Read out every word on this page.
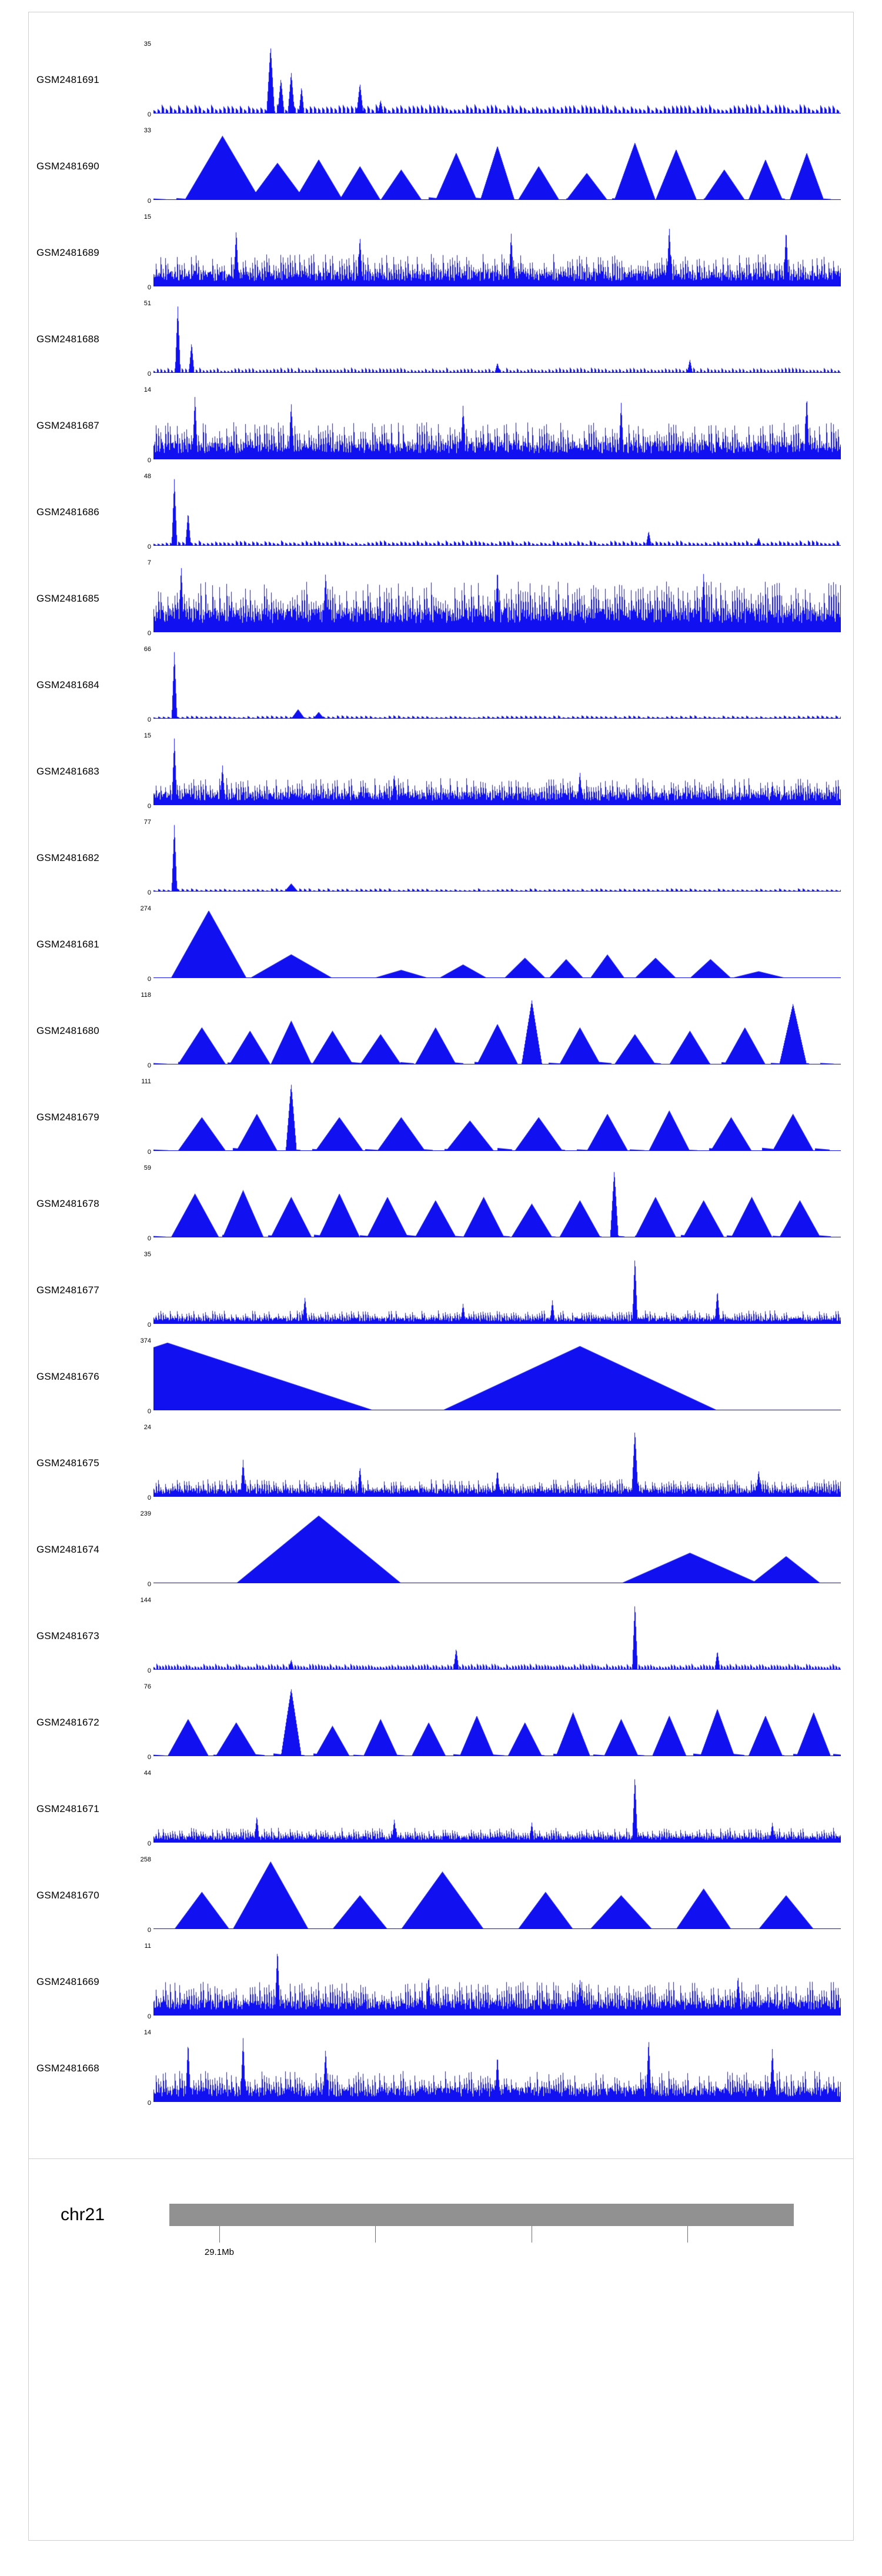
GSM2481691
35
0
GSM2481690
33
0
GSM2481689
15
0
GSM2481688
51
0
GSM2481687
14
0
GSM2481686
48
0
GSM2481685
7
0
GSM2481684
66
0
GSM2481683
15
0
GSM2481682
77
0
GSM2481681
274
0
GSM2481680
118
0
GSM2481679
111
0
GSM2481678
59
0
GSM2481677
35
0
GSM2481676
374
0
GSM2481675
24
0
GSM2481674
239
0
GSM2481673
144
0
GSM2481672
76
0
GSM2481671
44
0
GSM2481670
258
0
GSM2481669
11
0
GSM2481668
14
0
chr21
29.1Mb
